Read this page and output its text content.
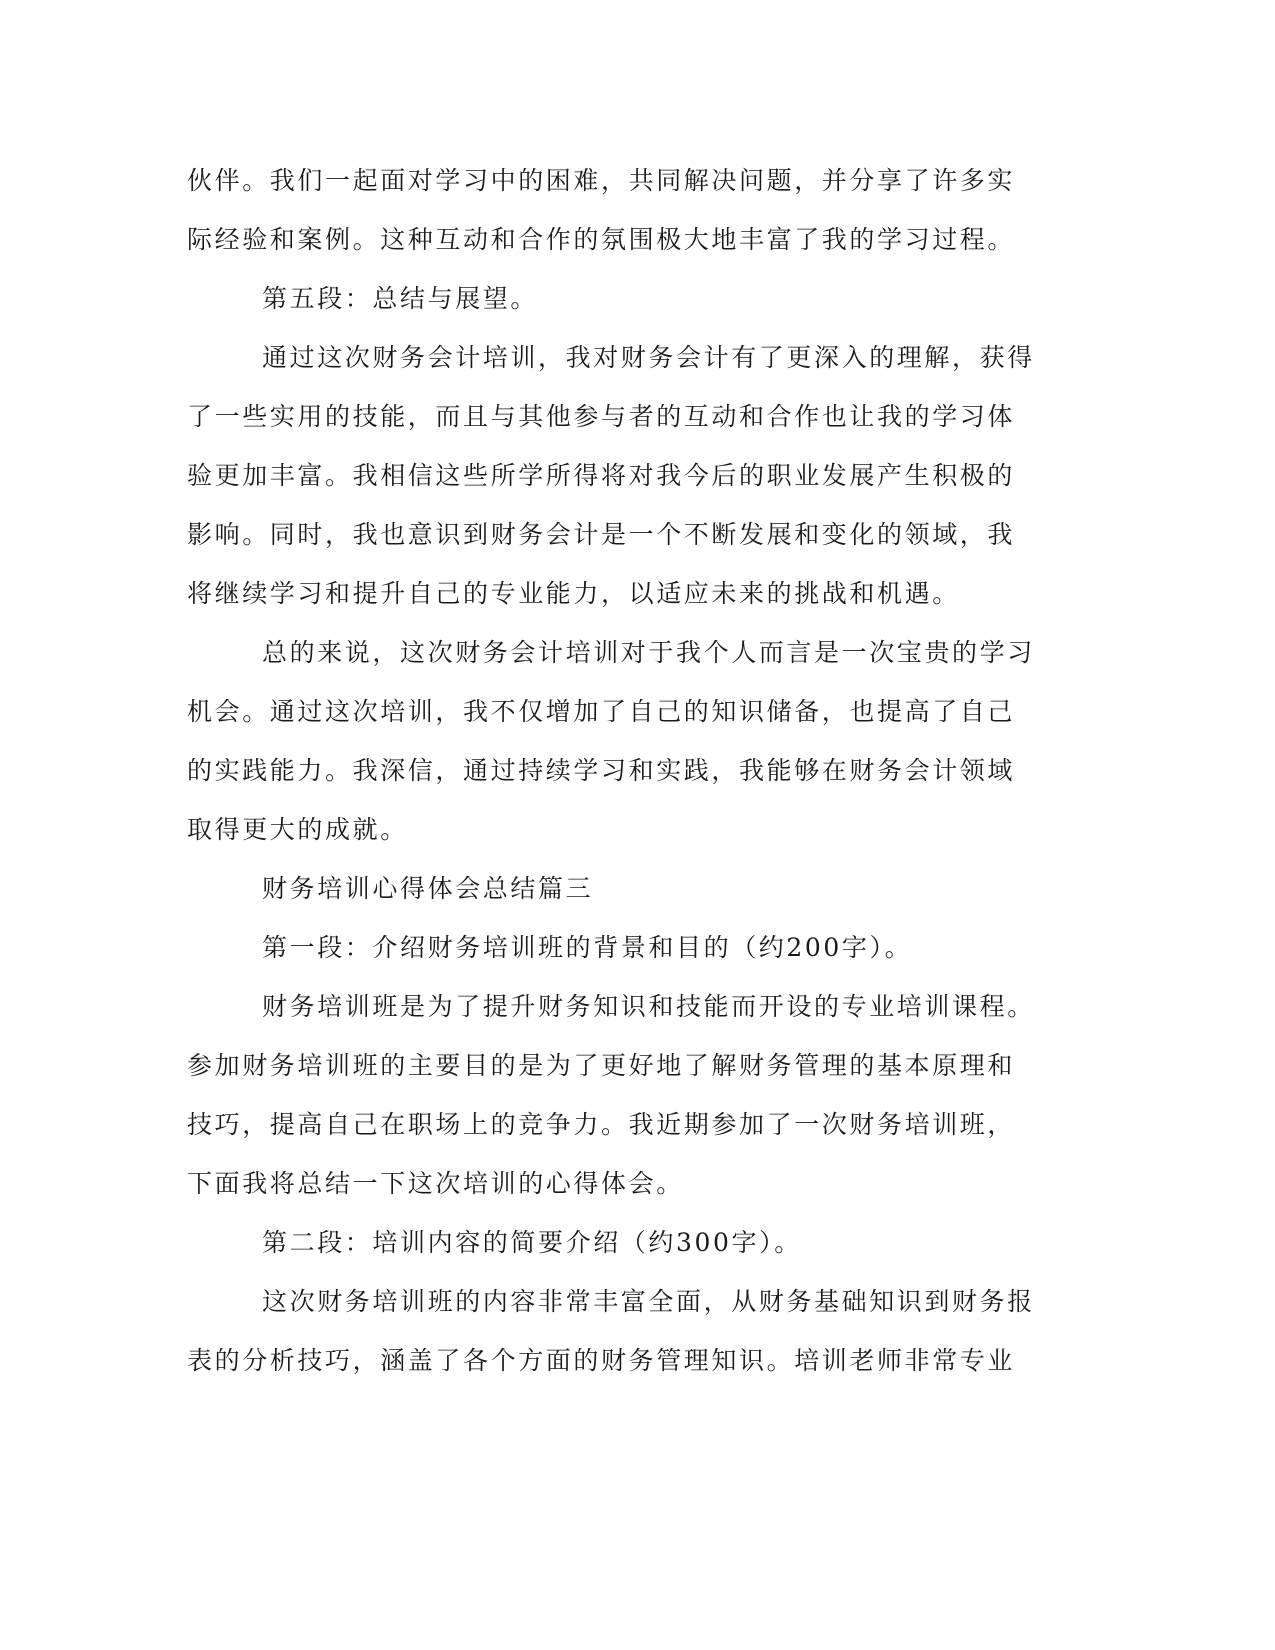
伙伴。我们一起面对学习中的困难，共同解决问题，并分享了许多实
际经验和案例。这种互动和合作的氛围极大地丰富了我的学习过程。
第五段：总结与展望。
通过这次财务会计培训，我对财务会计有了更深入的理解，获得
了一些实用的技能，而且与其他参与者的互动和合作也让我的学习体
验更加丰富。我相信这些所学所得将对我今后的职业发展产生积极的
影响。同时，我也意识到财务会计是一个不断发展和变化的领域，我
将继续学习和提升自己的专业能力，以适应未来的挑战和机遇。
总的来说，这次财务会计培训对于我个人而言是一次宝贵的学习
机会。通过这次培训，我不仅增加了自己的知识储备，也提高了自己
的实践能力。我深信，通过持续学习和实践，我能够在财务会计领域
取得更大的成就。
财务培训心得体会总结篇三
第一段：介绍财务培训班的背景和目的（约200字）。
财务培训班是为了提升财务知识和技能而开设的专业培训课程。
参加财务培训班的主要目的是为了更好地了解财务管理的基本原理和
技巧，提高自己在职场上的竞争力。我近期参加了一次财务培训班，
下面我将总结一下这次培训的心得体会。
第二段：培训内容的简要介绍（约300字）。
这次财务培训班的内容非常丰富全面，从财务基础知识到财务报
表的分析技巧，涵盖了各个方面的财务管理知识。培训老师非常专业
